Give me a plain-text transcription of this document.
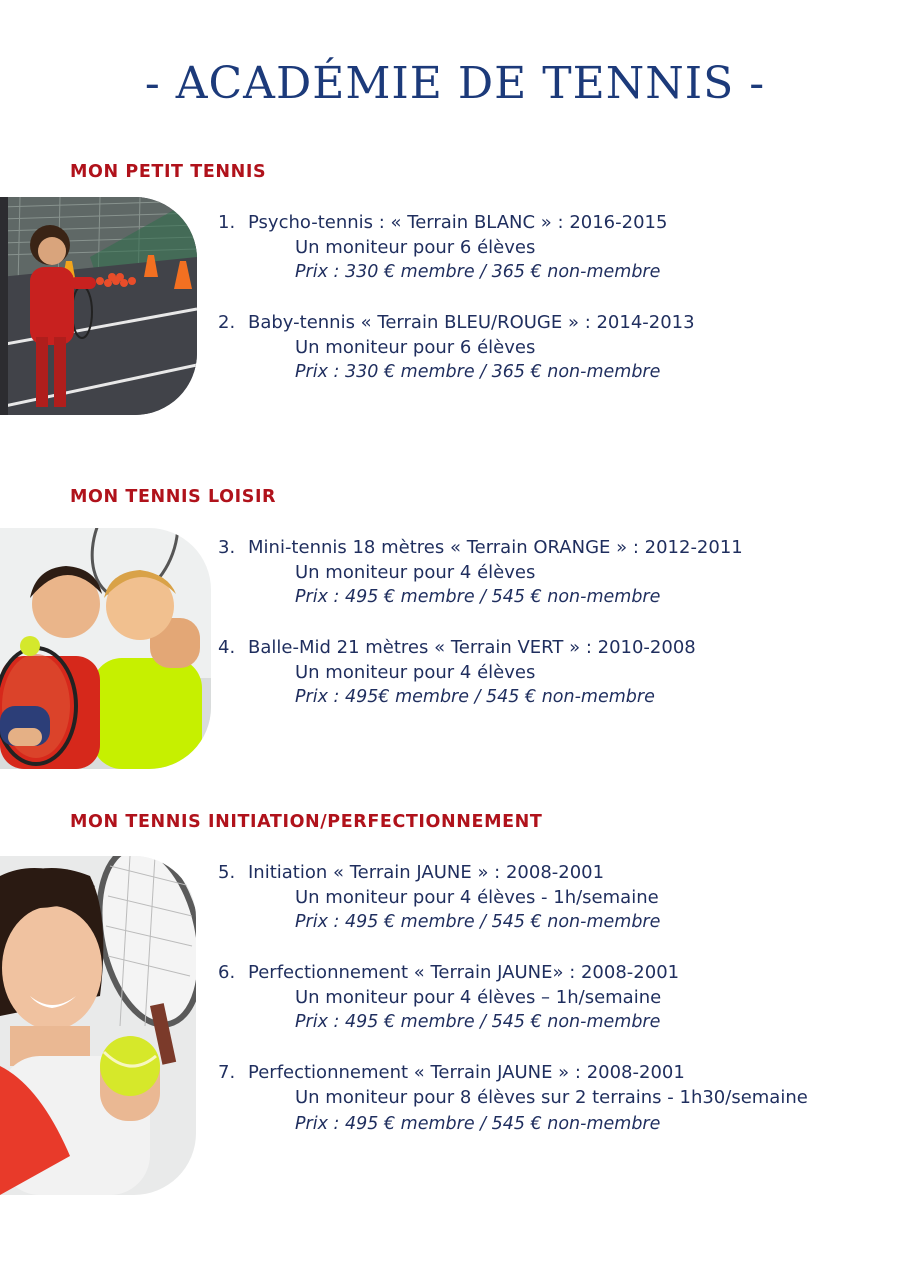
- ACADÉMIE DE TENNIS -
MON PETIT TENNIS
1. Psycho-tennis : « Terrain BLANC » : 2016-2015
Un moniteur pour 6 élèves
Prix : 330 € membre / 365 € non-membre
2. Baby-tennis « Terrain BLEU/ROUGE » : 2014-2013
Un moniteur pour 6 élèves
Prix : 330 € membre / 365 € non-membre
MON TENNIS LOISIR
3. Mini-tennis 18 mètres « Terrain ORANGE » : 2012-2011
Un moniteur pour 4 élèves
Prix : 495 € membre / 545 € non-membre
4. Balle-Mid 21 mètres « Terrain VERT » : 2010-2008
Un moniteur pour 4 élèves
Prix : 495€ membre / 545 € non-membre
MON TENNIS INITIATION/PERFECTIONNEMENT
5. Initiation « Terrain JAUNE » : 2008-2001
Un moniteur pour 4 élèves - 1h/semaine
Prix : 495 € membre / 545 € non-membre
6. Perfectionnement « Terrain JAUNE» : 2008-2001
Un moniteur pour 4 élèves – 1h/semaine
Prix : 495 € membre / 545 € non-membre
7. Perfectionnement « Terrain JAUNE » : 2008-2001
Un moniteur pour 8 élèves sur 2 terrains - 1h30/semaine
Prix : 495 € membre / 545 € non-membre
